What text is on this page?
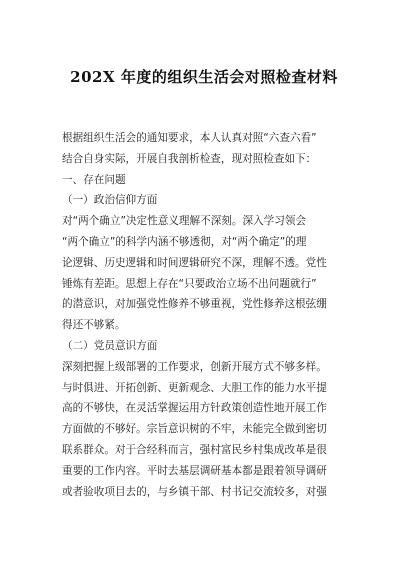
202X 年度的组织生活会对照检查材料
根据组织生活会的通知要求，本人认真对照“六查六看”
结合自身实际，开展自我剖析检查，现对照检查如下：
一、存在问题
（一）政治信仰方面
对“两个确立”决定性意义理解不深刻。深入学习领会
“两个确立”的科学内涵不够透彻，对“两个确定”的理
论逻辑、历史逻辑和时间逻辑研究不深，理解不透。党性
锤炼有差距。思想上存在“只要政治立场不出问题就行”
的潜意识，对加强党性修养不够重视，党性修养这根弦绷
得还不够紧。
（二）党员意识方面
深刻把握上级部署的工作要求，创新开展方式不够多样。
与时俱进、开拓创新、更新观念、大胆工作的能力水平提
高的不够快，在灵活掌握运用方针政策创造性地开展工作
方面做的不够好。宗旨意识树的不牢，未能完全做到密切
联系群众。对于合经科而言，强村富民乡村集成改革是很
重要的工作内容。平时去基层调研基本都是跟着领导调研
或者验收项目去的，与乡镇干部、村书记交流较多，对强
